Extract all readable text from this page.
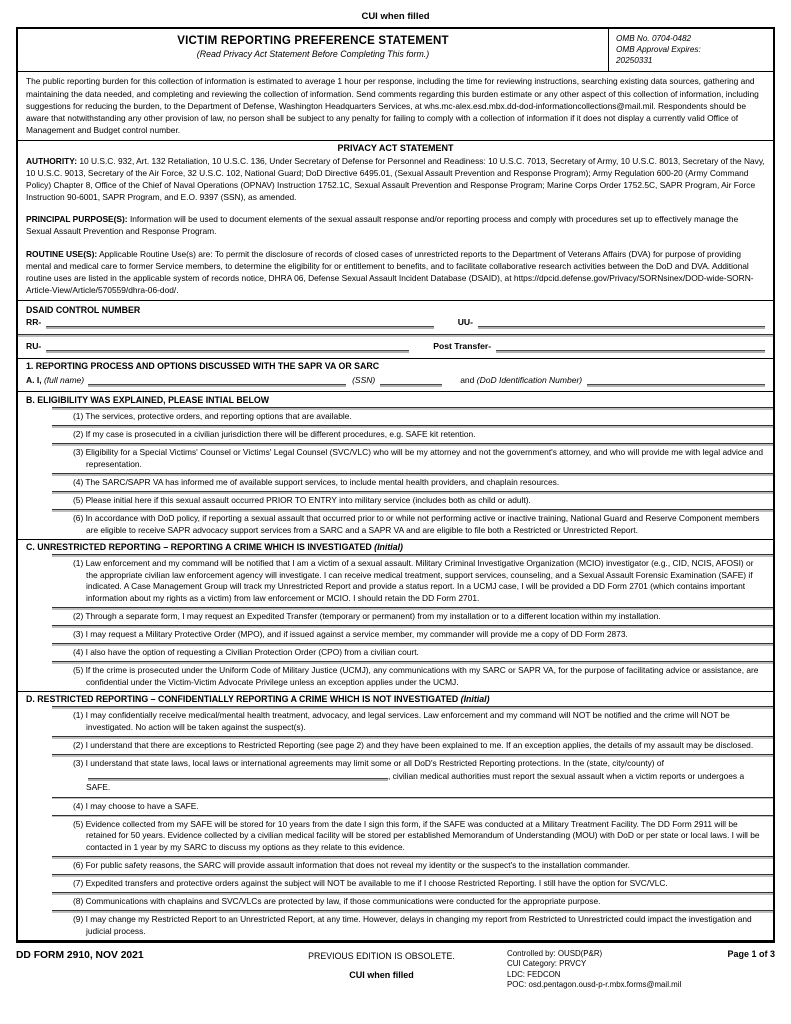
CUI when filled
VICTIM REPORTING PREFERENCE STATEMENT
(Read Privacy Act Statement Before Completing This form.)
OMB No. 0704-0482
OMB Approval Expires:
20250331
The public reporting burden for this collection of information is estimated to average 1 hour per response, including the time for reviewing instructions, searching existing data sources, gathering and maintaining the data needed, and completing and reviewing the collection of information. Send comments regarding this burden estimate or any other aspect of this collection of information, including suggestions for reducing the burden, to the Department of Defense, Washington Headquarters Services, at whs.mc-alex.esd.mbx.dd-dod-informationcollections@mail.mil. Respondents should be aware that notwithstanding any other provision of law, no person shall be subject to any penalty for failing to comply with a collection of information if it does not display a currently valid Office of Management and Budget control number.
PRIVACY ACT STATEMENT

AUTHORITY: 10 U.S.C. 932, Art. 132 Retaliation, 10 U.S.C. 136, Under Secretary of Defense for Personnel and Readiness: 10 U.S.C. 7013, Secretary of Army, 10 U.S.C. 8013, Secretary of the Navy, 10 U.S.C. 9013, Secretary of the Air Force, 32 U.S.C. 102, National Guard; DoD Directive 6495.01, (Sexual Assault Prevention and Response Program); Army Regulation 600-20 (Army Command Policy) Chapter 8, Office of the Chief of Naval Operations (OPNAV) Instruction 1752.1C, Sexual Assault Prevention and Response Program; Marine Corps Order 1752.5C, SAPR Program, Air Force Instruction 90-6001, SAPR Program, and E.O. 9397 (SSN), as amended.

PRINCIPAL PURPOSE(S): Information will be used to document elements of the sexual assault response and/or reporting process and comply with procedures set up to effectively manage the Sexual Assault Prevention and Response Program.

ROUTINE USE(S): Applicable Routine Use(s) are: To permit the disclosure of records of closed cases of unrestricted reports to the Department of Veterans Affairs (DVA) for purpose of providing mental and medical care to former Service members, to determine the eligibility for or entitlement to benefits, and to facilitate collaborative research activities between the DoD and DVA. Additional routine uses are listed in the applicable system of records notice, DHRA 06, Defense Sexual Assault Incident Database (DSAID), at https://dpcid.defense.gov/Privacy/SORNsinex/DOD-wide-SORN-Article-View/Article/570559/dhra-06-dod/.

DSAID CONTROL NUMBER
RR-	UU-
RU-	Post Transfer-
1. REPORTING PROCESS AND OPTIONS DISCUSSED WITH THE SAPR VA OR SARC
A. I,
(full name)	(SSN)	and
(DoD Identification Number)
B. ELIGIBILITY WAS EXPLAINED, PLEASE INTIAL BELOW
(1) The services, protective orders, and reporting options that are available.
(2) If my case is prosecuted in a civilian jurisdiction there will be different procedures, e.g. SAFE kit retention.
(3) Eligibility for a Special Victims' Counsel or Victims' Legal Counsel (SVC/VLC) who will be my attorney and not the government's attorney, and who will provide me with legal advice and representation.
(4) The SARC/SAPR VA has informed me of available support services, to include mental health providers, and chaplain resources.
(5) Please initial here if this sexual assault occurred PRIOR TO ENTRY into military service (includes both as child or adult).
(6) In accordance with DoD policy, if reporting a sexual assault that occurred prior to or while not performing active or inactive training, National Guard and Reserve Component members are eligible to receive SAPR advocacy support services from a SARC and a SAPR VA and are eligible to file both a Restricted or Unrestricted Report.
C. UNRESTRICTED REPORTING – REPORTING A CRIME WHICH IS INVESTIGATED (Initial)
(1) Law enforcement and my command will be notified that I am a victim of a sexual assault. Military Criminal Investigative Organization (MCIO) investigator (e.g., CID, NCIS, AFOSI) or the appropriate civilian law enforcement agency will investigate. I can receive medical treatment, support services, counseling, and a Sexual Assault Forensic Examination (SAFE) if indicated. A Case Management Group will track my Unrestricted Report and provide a status report. In a UCMJ case, I will be provided a DD Form 2701 (which contains important information about my rights as a victim) from law enforcement or MCIO. I should retain the DD Form 2701.
(2) Through a separate form, I may request an Expedited Transfer (temporary or permanent) from my installation or to a different location within my installation.
(3) I may request a Military Protective Order (MPO), and if issued against a service member, my commander will provide me a copy of DD Form 2873.
(4) I also have the option of requesting a Civilian Protection Order (CPO) from a civilian court.
(5) If the crime is prosecuted under the Uniform Code of Military Justice (UCMJ), any communications with my SARC or SAPR VA, for the purpose of facilitating advice or assistance, are confidential under the Victim-Victim Advocate Privilege unless an exception applies under the UCMJ.
D. RESTRICTED REPORTING – CONFIDENTIALLY REPORTING A CRIME WHICH IS NOT INVESTIGATED (Initial)
(1) I may confidentially receive medical/mental health treatment, advocacy, and legal services. Law enforcement and my command will NOT be notified and the crime will NOT be investigated. No action will be taken against the suspect(s).
(2) I understand that there are exceptions to Restricted Reporting (see page 2) and they have been explained to me. If an exception applies, the details of my assault may be disclosed.
(3) I understand that state laws, local laws or international agreements may limit some or all DoD's Restricted Reporting protections. In the (state, city/county) of, civilian medical authorities must report the sexual assault when a victim reports or undergoes a SAFE.
(4) I may choose to have a SAFE.
(5) Evidence collected from my SAFE will be stored for 10 years from the date I sign this form, if the SAFE was conducted at a Military Treatment Facility. The DD Form 2911 will be retained for 50 years. Evidence collected by a civilian medical facility will be stored per established Memorandum of Understanding (MOU) with DoD or per state or local laws. I will be contacted in 1 year by my SARC to discuss my options as they relate to this evidence.
(6) For public safety reasons, the SARC will provide assault information that does not reveal my identity or the suspect's to the installation commander.
(7) Expedited transfers and protective orders against the subject will NOT be available to me if I choose Restricted Reporting. I still have the option for SVC/VLC.
(8) Communications with chaplains and SVC/VLCs are protected by law, if those communications were conducted for the appropriate purpose.
(9) I may change my Restricted Report to an Unrestricted Report, at any time. However, delays in changing my report from Restricted to Unrestricted could impact the investigation and judicial process.
DD FORM 2910, NOV 2021	PREVIOUS EDITION IS OBSOLETE.
CUI when filled
Controlled by: OUSD(P&R)
CUI Category: PRVCY
LDC: FEDCON
POC: osd.pentagon.ousd-p-r.mbx.forms@mail.mil
Page 1 of 3
